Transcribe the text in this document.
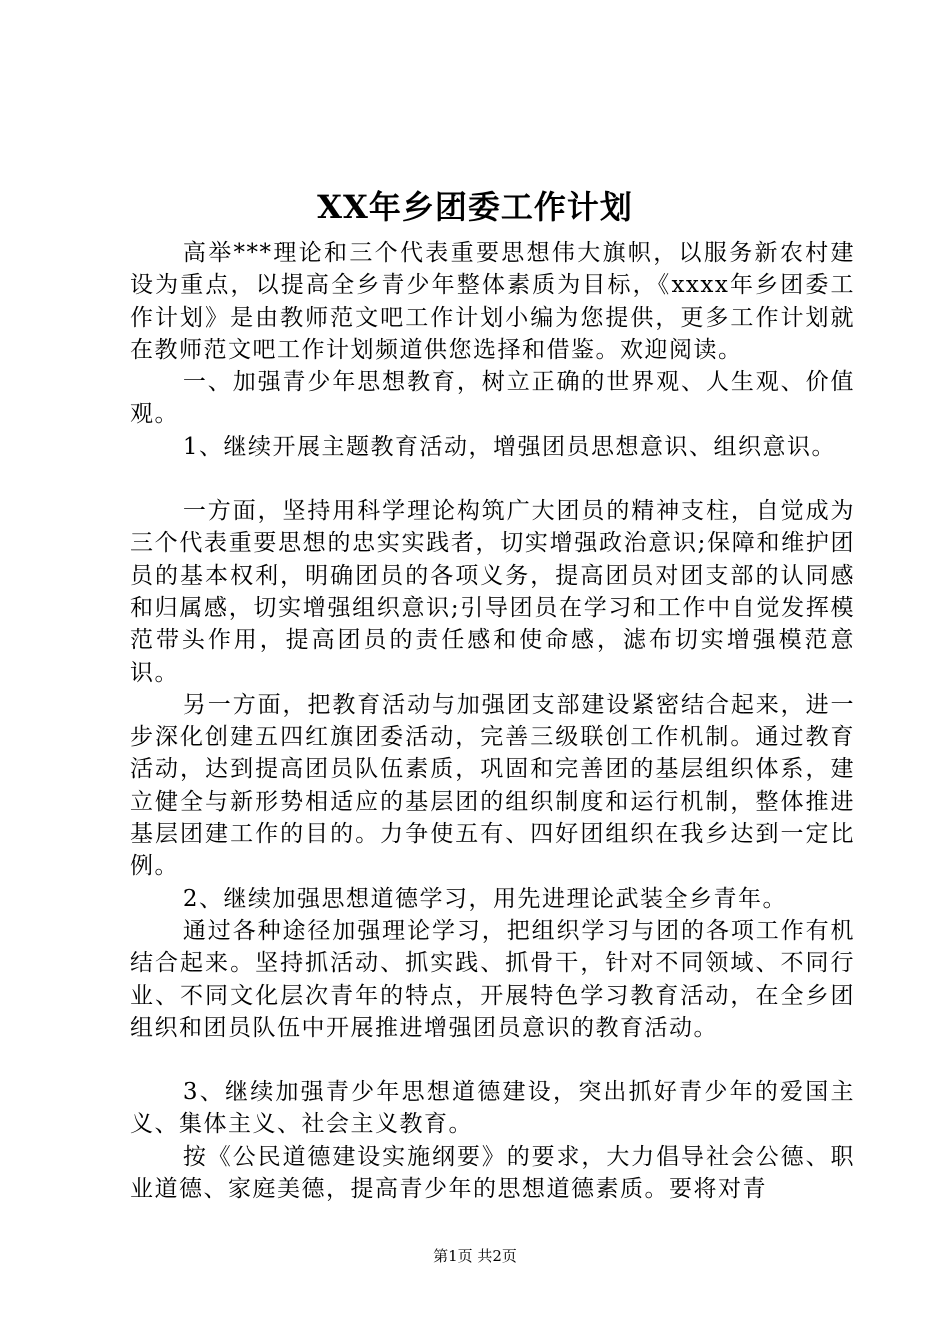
XX年乡团委工作计划

高举***理论和三个代表重要思想伟大旗帜，以服务新农村建设为重点，以提高全乡青少年整体素质为目标，《xxxx年乡团委工作计划》是由教师范文吧工作计划小编为您提供，更多工作计划就在教师范文吧工作计划频道供您选择和借鉴。欢迎阅读。

一、加强青少年思想教育，树立正确的世界观、人生观、价值观。

1、继续开展主题教育活动，增强团员思想意识、组织意识。

一方面，坚持用科学理论构筑广大团员的精神支柱，自觉成为三个代表重要思想的忠实实践者，切实增强政治意识;保障和维护团员的基本权利，明确团员的各项义务，提高团员对团支部的认同感和归属感，切实增强组织意识;引导团员在学习和工作中自觉发挥模范带头作用，提高团员的责任感和使命感，滤布切实增强模范意识。

另一方面，把教育活动与加强团支部建设紧密结合起来，进一步深化创建五四红旗团委活动，完善三级联创工作机制。通过教育活动，达到提高团员队伍素质，巩固和完善团的基层组织体系，建立健全与新形势相适应的基层团的组织制度和运行机制，整体推进基层团建工作的目的。力争使五有、四好团组织在我乡达到一定比例。

2、继续加强思想道德学习，用先进理论武装全乡青年。

通过各种途径加强理论学习，把组织学习与团的各项工作有机结合起来。坚持抓活动、抓实践、抓骨干，针对不同领域、不同行业、不同文化层次青年的特点，开展特色学习教育活动，在全乡团组织和团员队伍中开展推进增强团员意识的教育活动。

3、继续加强青少年思想道德建设，突出抓好青少年的爱国主义、集体主义、社会主义教育。

按《公民道德建设实施纲要》的要求，大力倡导社会公德、职业道德、家庭美德，提高青少年的思想道德素质。要将对青

第1页 共2页
